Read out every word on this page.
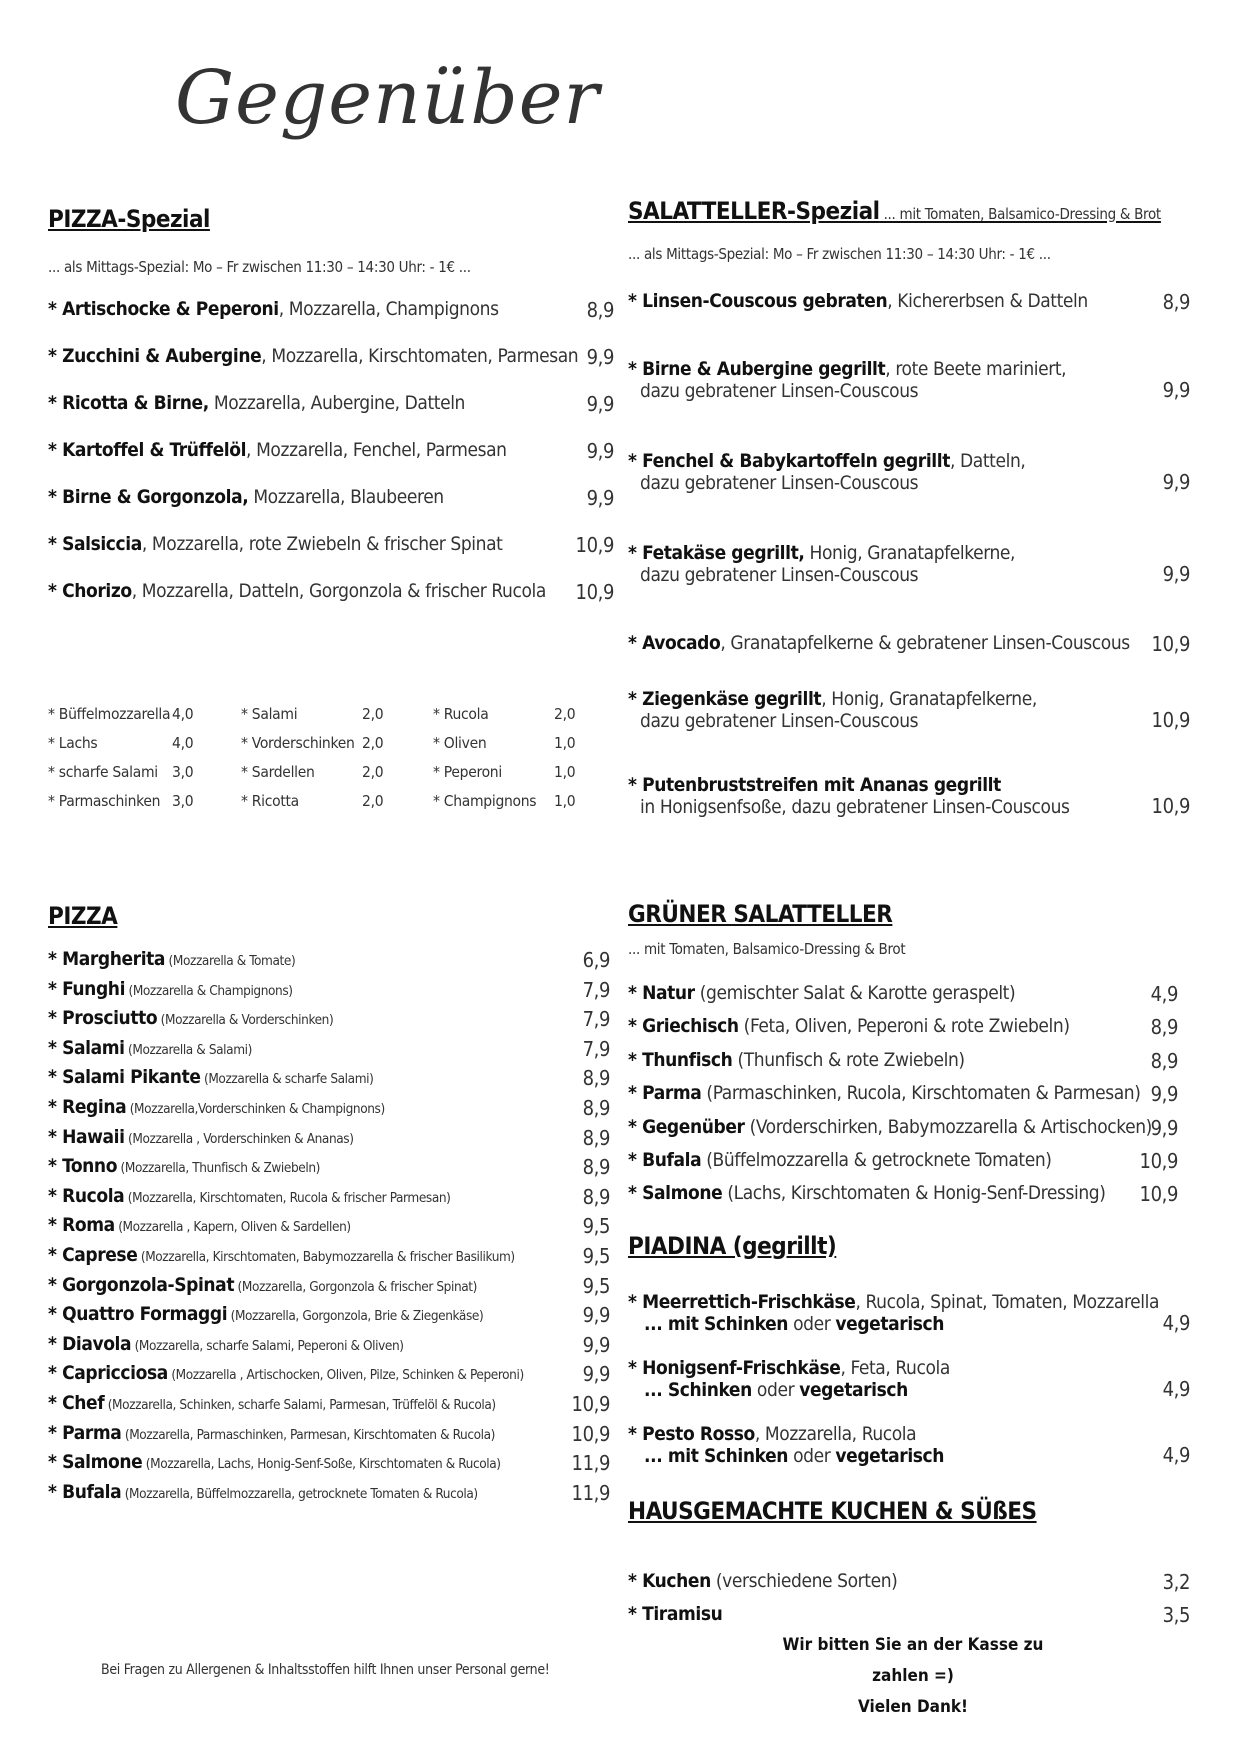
Gegenüber
PIZZA-Spezial
... als Mittags-Spezial: Mo – Fr zwischen 11:30 – 14:30 Uhr: - 1€ ...
* Artischocke & Peperoni, Mozzarella, Champignons	8,9
* Zucchini & Aubergine, Mozzarella, Kirschtomaten, Parmesan 9,9
* Ricotta & Birne, Mozzarella, Aubergine, Datteln	9,9
* Kartoffel & Trüffelöl, Mozzarella, Fenchel, Parmesan	9,9
* Birne & Gorgonzola, Mozzarella, Blaubeeren	9,9
* Salsiccia, Mozzarella, rote Zwiebeln & frischer Spinat	10,9
* Chorizo, Mozzarella, Datteln, Gorgonzola & frischer Rucola 10,9
* Büffelmozzarella 4,0	* Salami	2,0	* Rucola	2,0
* Lachs	4,0	* Vorderschinken 2,0	* Oliven	1,0
* scharfe Salami 3,0	* Sardellen	2,0	* Peperoni	1,0
* Parmaschinken 3,0	* Ricotta	2,0	* Champignons 1,0
PIZZA
* Margherita (Mozzarella & Tomate)	6,9
* Funghi (Mozzarella & Champignons)	7,9
* Prosciutto (Mozzarella & Vorderschinken)	7,9
* Salami (Mozzarella & Salami)	7,9
* Salami Pikante (Mozzarella & scharfe Salami)	8,9
* Regina (Mozzarella,Vorderschinken & Champignons)	8,9
* Hawaii (Mozzarella , Vorderschinken & Ananas)	8,9
* Tonno (Mozzarella, Thunfisch & Zwiebeln)	8,9
* Rucola (Mozzarella, Kirschtomaten, Rucola & frischer Parmesan)	8,9
* Roma (Mozzarella , Kapern, Oliven & Sardellen)	9,5
* Caprese (Mozzarella, Kirschtomaten, Babymozzarella & frischer Basilikum)	9,5
* Gorgonzola-Spinat (Mozzarella, Gorgonzola & frischer Spinat)	9,5
* Quattro Formaggi (Mozzarella, Gorgonzola, Brie & Ziegenkäse)	9,9
* Diavola (Mozzarella, scharfe Salami, Peperoni & Oliven)	9,9
* Capricciosa (Mozzarella , Artischocken, Oliven, Pilze, Schinken & Peperoni)	9,9
* Chef (Mozzarella, Schinken, scharfe Salami, Parmesan, Trüffelöl & Rucola)	10,9
* Parma (Mozzarella, Parmaschinken, Parmesan, Kirschtomaten & Rucola)	10,9
* Salmone (Mozzarella, Lachs, Honig-Senf-Soße, Kirschtomaten & Rucola)	11,9
* Bufala (Mozzarella, Büffelmozzarella, getrocknete Tomaten & Rucola)	11,9
Bei Fragen zu Allergenen & Inhaltsstoffen hilft Ihnen unser Personal gerne!
SALATTELLER-Spezial ... mit Tomaten, Balsamico-Dressing & Brot
... als Mittags-Spezial: Mo – Fr zwischen 11:30 – 14:30 Uhr: - 1€ ...
* Linsen-Couscous gebraten, Kichererbsen & Datteln	8,9
* Birne & Aubergine gegrillt, rote Beete mariniert,
dazu gebratener Linsen-Couscous	9,9
* Fenchel & Babykartoffeln gegrillt, Datteln,
dazu gebratener Linsen-Couscous	9,9
* Fetakäse gegrillt, Honig, Granatapfelkerne,
dazu gebratener Linsen-Couscous	9,9
* Avocado, Granatapfelkerne & gebratener Linsen-Couscous 10,9
* Ziegenkäse gegrillt, Honig, Granatapfelkerne,
dazu gebratener Linsen-Couscous	10,9
* Putenbruststreifen mit Ananas gegrillt
in Honigsenfsoße, dazu gebratener Linsen-Couscous	10,9
GRÜNER SALATTELLER
... mit Tomaten, Balsamico-Dressing & Brot
* Natur (gemischter Salat & Karotte geraspelt)	4,9
* Griechisch (Feta, Oliven, Peperoni & rote Zwiebeln)	8,9
* Thunfisch (Thunfisch & rote Zwiebeln)	8,9
* Parma (Parmaschinken, Rucola, Kirschtomaten & Parmesan) 9,9
* Gegenüber (Vorderschirken, Babymozzarella & Artischocken)
9,9
* Bufala (Büffelmozzarella & getrocknete Tomaten)	10,9
* Salmone (Lachs, Kirschtomaten & Honig-Senf-Dressing) 10,9
PIADINA (gegrillt)
* Meerrettich-Frischkäse, Rucola, Spinat, Tomaten, Mozzarella
... mit Schinken oder vegetarisch	4,9
* Honigsenf-Frischkäse, Feta, Rucola
... Schinken oder vegetarisch	4,9
* Pesto Rosso, Mozzarella, Rucola
... mit Schinken oder vegetarisch	4,9
HAUSGEMACHTE KUCHEN & SÜßES
* Kuchen (verschiedene Sorten)	3,2
* Tiramisu	3,5
Wir bitten Sie an der Kasse zu zahlen =)
Vielen Dank!
